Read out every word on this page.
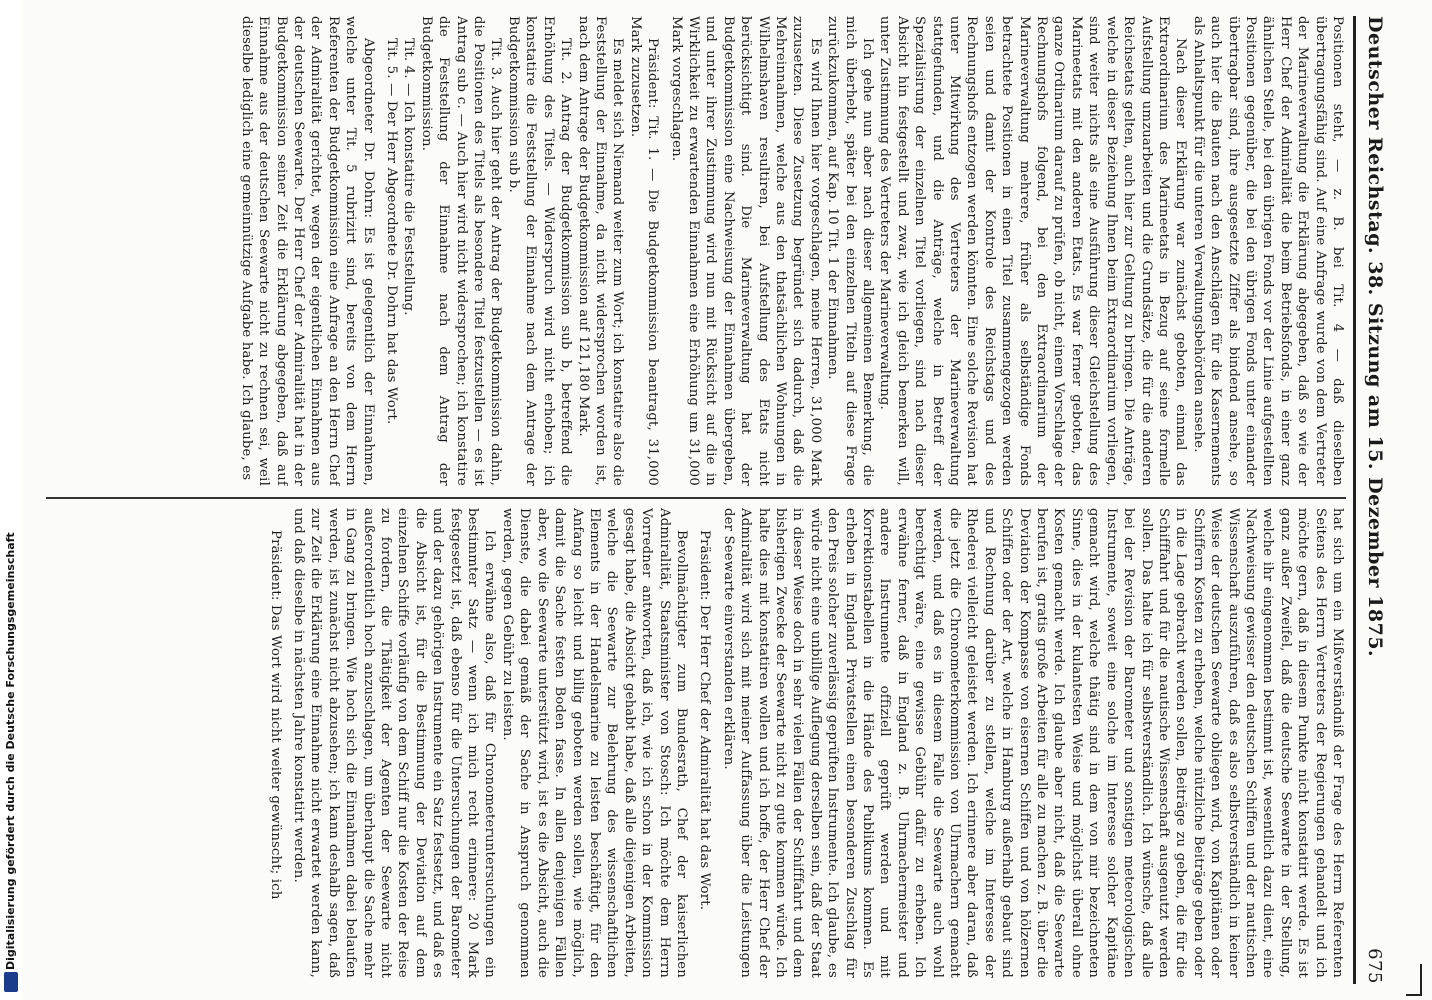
Deutscher Reichstag. 38. Sitzung am 15. Dezember 1875.
675

Positionen steht, — z. B. bei Tit. 4 — daß dieselben übertragungsfähig sind. Auf eine Anfrage wurde von dem Vertreter der Marineverwaltung die Erklärung abgegeben, daß so wie der Herr Chef der Admiralität die beim Betriebsfonds, in einer ganz ähnlichen Stelle, bei den übrigen Fonds vor der Linie aufgestellten Positionen gegenüber, die bei den übrigen Fonds unter einander übertragbar sind, ihre ausgesetzte Ziffer als bindend ansehe, so auch hier die Bauten nach den Anschlägen für die Kasernements als Anhaltspunkt für die unteren Verwaltungsbehörden ansehe.

Nach dieser Erklärung war zunächst geboten, einmal das Extraordinarium des Marineetats in Bezug auf seine formelle Aufstellung umzuarbeiten und die Grundsätze, die für die anderen Reichsetats gelten, auch hier zur Geltung zu bringen. Die Anträge, welche in dieser Beziehung Ihnen beim Extraordinarium vorliegen, sind weiter nichts als eine Ausführung dieser Gleichstellung des Marineetats mit den anderen Etats. Es war ferner geboten, das ganze Ordinarium darauf zu prüfen, ob nicht, einem Vorschlage der Rechnungshofs folgend, bei den Extraordinarium der Marineverwaltung mehrere, früher als selbständige Fonds betrachtete Positionen in einen Titel zusammengezogen werden seien und damit der Kontrole des Reichstags und des Rechnungshofs entzogen werden könnten. Eine solche Revision hat unter Mitwirkung des Vertreters der Marineverwaltung stattgefunden, und die Anträge, welche in Betreff der Spezialisirung der einzelnen Titel vorliegen, sind nach dieser Absicht hin festgestellt und zwar, wie ich gleich bemerken will, unter Zustimmung des Vertreters der Marineverwaltung.

Ich gehe nun aber nach dieser allgemeinen Bemerkung, die mich überhebt, später bei den einzelnen Titeln auf diese Frage zurückzukommen, auf Kap. 10 Tit. 1 der Einnahmen.

Es wird Ihnen hier vorgeschlagen, meine Herren, 31,000 Mark zuzusetzen. Diese Zusetzung begründet sich dadurch, daß die Mehreinnahmen, welche aus den thatsächlichen Wohnungen in Wilhelmshaven resultiren, bei Aufstellung des Etats nicht berücksichtigt sind. Die Marineverwaltung hat der Budgetkommission eine Nachweisung der Einnahmen übergeben, und unter ihrer Zustimmung wird nun mit Rücksicht auf die in Wirklichkeit zu erwartenden Einnahmen eine Erhöhung um 31,000 Mark vorgeschlagen.

Präsident: Tit. 1. — Die Budgetkommission beantragt, 31,000 Mark zuzusetzen.

Es meldet sich Niemand weiter zum Wort; ich konstatire also die Feststellung der Einnahme, da nicht widersprochen worden ist, nach dem Antrage der Budgetkommission auf 121,180 Mark.

Tit. 2. Antrag der Budgetkommission sub b, betreffend die Erhöhung des Titels. — Widerspruch wird nicht erhoben; ich konstatire die Feststellung der Einnahme nach dem Antrage der Budgetkommission sub b.

Tit. 3. Auch hier geht der Antrag der Budgetkommission dahin, die Positionen des Titels als besondere Titel festzustellen — es ist Antrag sub c. — Auch hier wird nicht widersprochen; ich konstatire die Feststellung der Einnahme nach dem Antrag der Budgetkommission.

Tit. 4. — Ich konstatire die Feststellung.

Tit. 5. — Der Herr Abgeordnete Dr. Dohrn hat das Wort.

Abgeordneter Dr. Dohrn: Es ist gelegentlich der Einnahmen, welche unter Tit. 5 rubrizirt sind, bereits von dem Herrn Referenten der Budgetkommission eine Anfrage an den Herrn Chef der Admiralität gerichtet, wegen der eigentlichen Einnahmen aus der deutschen Seewarte. Der Herr Chef der Admiralität hat in der Budgetkommission seiner Zeit die Erklärung abgegeben, daß auf Einnahme aus der deutschen Seewarte nicht zu rechnen sei, weil dieselbe lediglich eine gemeinnützige Aufgabe habe. Ich glaube, es

hat sich um ein Mißverständniß der Frage des Herrn Referenten Seitens des Herrn Vertreters der Regierungen gehandelt und ich möchte gern, daß in diesem Punkte nicht konstatirt werde. Es ist ganz außer Zweifel, daß die deutsche Seewarte in der Stellung, welche ihr eingenommen bestimmt ist, wesentlich dazu dient, eine Nachweisung gewisser den deutschen Schiffen und der nautischen Wissenschaft auszuführen, daß es also selbstverständlich in keiner Weise der deutschen Seewarte obliegen wird, von Kapitänen oder Schiffern Kosten zu erheben, welche nützliche Beiträge geben oder in die Lage gebracht werden sollen, Beiträge zu geben, die für die Schifffahrt und für die nautische Wissenschaft ausgenutzt werden sollen. Das halte ich für selbstverständlich. Ich wünsche, daß alle bei der Revision der Barometer und sonstigen meteorologischen Instrumente, soweit eine solche im Interesse solcher Kapitäne gemacht wird, welche thätig sind in dem von mir bezeichneten Sinne, dies in der kulantesten Weise und möglichst überall ohne Kosten gemacht werde. Ich glaube aber nicht, daß die Seewarte berufen ist, gratis große Arbeiten für alle zu machen z. B. über die Deviation der Kompasse von eisernen Schiffen und von hölzernen Schiffen oder der Art, welche in Hamburg außerhalb gebaut sind und Rechnung darüber zu stellen, welche im Interesse der Rhederei vielleicht geleistet werden. Ich erinnere aber daran, daß die jetzt die Chronometerkommission von Uhrmachern gemacht werden, und daß es in diesem Falle die Seewarte auch wohl berechtigt wäre, eine gewisse Gebühr dafür zu erheben. Ich erwähne ferner, daß in England z. B. Uhrmachermeister und andere Instrumente offiziell geprüft werden und mit Korrektionstabellen in die Hände des Publikums kommen. Es erheben in England Privatstellen einen besonderen Zuschlag für den Preis solcher zuverlässig geprüften Instrumente. Ich glaube, es würde nicht eine unbillige Auflegung derselben sein, daß der Staat in dieser Weise doch in sehr vielen Fällen der Schifffahrt und dem bisherigen Zwecke der Seewarte nicht zu gute kommen würde. Ich halte dies mit konstatiren wollen und ich hoffe, der Herr Chef der Admiralität wird sich mit meiner Auffassung über die Leistungen der Seewarte einverstanden erklären.

Präsident: Der Herr Chef der Admiralität hat das Wort.

Bevollmächtigter zum Bundesrath, Chef der kaiserlichen Admiralität, Staatsminister von Stosch: Ich möchte dem Herrn Vorredner antworten, daß ich, wie ich schon in der Kommission gesagt habe, die Absicht gehabt habe, daß alle diejenigen Arbeiten, welche die Seewarte zur Belehrung des wissenschaftlichen Elements in der Handelsmarine zu leisten beschäftigt, für den Anfang so leicht und billig geboten werden sollen, wie möglich, damit die Sache festen Boden fasse. In allen denjenigen Fällen aber, wo die Seewarte unterstützt wird, ist es die Absicht, auch die Dienste, die dabei gemäß der Sache in Anspruch genommen werden, gegen Gebühr zu leisten.

Ich erwähne also, daß für Chronometeruntersuchungen ein bestimmter Satz — wenn ich mich recht erinnere: 20 Mark festgesetzt ist, daß ebenso für die Untersuchungen der Barometer und der dazu gehörigen Instrumente ein Satz festsetzt, und daß es die Absicht ist, für die Bestimmung der Deviation auf dem einzelnen Schiffe vorläufig von dem Schiff nur die Kosten der Reise zu fordern, die Thätigkeit der Agenten der Seewarte nicht außerordentlich hoch anzuschlagen, um überhaupt die Sache mehr in Gang zu bringen. Wie hoch sich die Einnahmen dabei belaufen werden, ist zunächst nicht abzusehen; ich kann deshalb sagen, daß zur Zeit die Erklärung eine Einnahme nicht erwartet werden kann, und daß dieselbe in nächsten Jahre konstatirt werden.

Präsident: Das Wort wird nicht weiter gewünscht; ich

Digitalisierung gefördert durch die Deutsche Forschungsgemeinschaft
